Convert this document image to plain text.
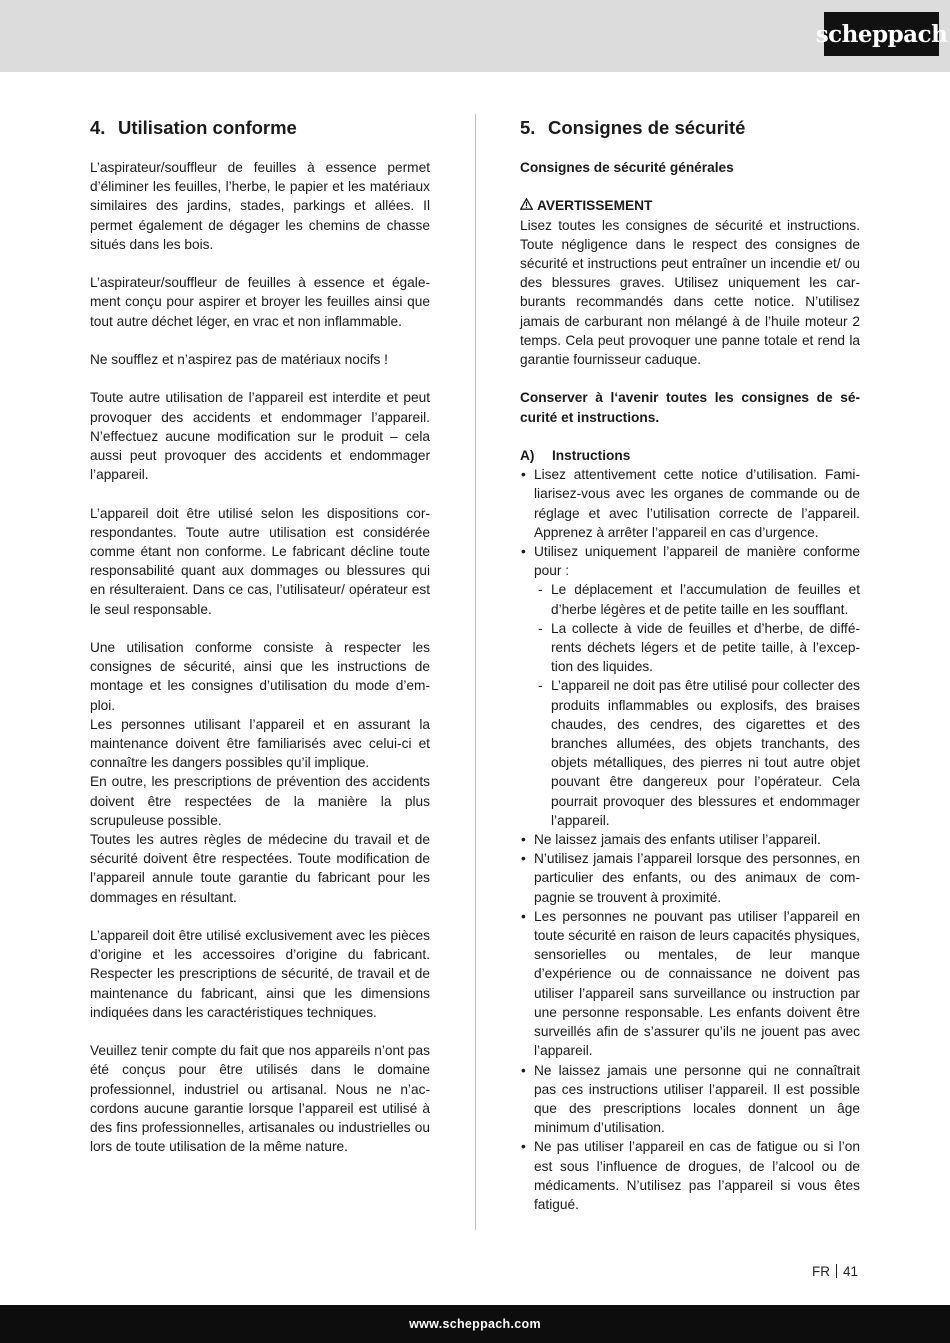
scheppach
4. Utilisation conforme

L’aspirateur/souffleur de feuilles à essence permet d’éliminer les feuilles, l’herbe, le papier et les matériaux similaires des jardins, stades, parkings et allées. Il permet également de dégager les chemins de chasse situés dans les bois.

L’aspirateur/souffleur de feuilles à essence et également conçu pour aspirer et broyer les feuilles ainsi que tout autre déchet léger, en vrac et non inflammable.

Ne soufflez et n’aspirez pas de matériaux nocifs !

Toute autre utilisation de l’appareil est interdite et peut provoquer des accidents et endommager l’appareil. N’effectuez aucune modification sur le produit – cela aussi peut provoquer des accidents et endommager l’appareil.

L’appareil doit être utilisé selon les dispositions correspondantes. Toute autre utilisation est considérée comme étant non conforme. Le fabricant décline toute responsabilité quant aux dommages ou blessures qui en résulteraient. Dans ce cas, l’utilisateur/ opérateur est le seul responsable.

Une utilisation conforme consiste à respecter les consignes de sécurité, ainsi que les instructions de montage et les consignes d’utilisation du mode d’emploi.

Les personnes utilisant l’appareil et en assurant la maintenance doivent être familiarisés avec celui-ci et connaître les dangers possibles qu’il implique.

En outre, les prescriptions de prévention des accidents doivent être respectées de la manière la plus scrupuleuse possible.

Toutes les autres règles de médecine du travail et de sécurité doivent être respectées. Toute modification de l’appareil annule toute garantie du fabricant pour les dommages en résultant.

L’appareil doit être utilisé exclusivement avec les pièces d’origine et les accessoires d’origine du fabricant. Respecter les prescriptions de sécurité, de travail et de maintenance du fabricant, ainsi que les dimensions indiquées dans les caractéristiques techniques.

Veuillez tenir compte du fait que nos appareils n’ont pas été conçus pour être utilisés dans le domaine professionnel, industriel ou artisanal. Nous ne n’accordons aucune garantie lorsque l’appareil est utilisé à des fins professionnelles, artisanales ou industrielles ou lors de toute utilisation de la même nature.

5. Consignes de sécurité

Consignes de sécurité générales

AVERTISSEMENT

Lisez toutes les consignes de sécurité et instructions. Toute négligence dans le respect des consignes de sécurité et instructions peut entraîner un incendie et/ ou des blessures graves. Utilisez uniquement les carburants recommandés dans cette notice. N’utilisez jamais de carburant non mélangé à de l’huile moteur 2 temps. Cela peut provoquer une panne totale et rend la garantie fournisseur caduque.

Conserver à l‘avenir toutes les consignes de sécurité et instructions.

A) Instructions

• Lisez attentivement cette notice d’utilisation. Familiarisez-vous avec les organes de commande ou de réglage et avec l’utilisation correcte de l’appareil. Apprenez à arrêter l’appareil en cas d’urgence.
• Utilisez uniquement l’appareil de manière conforme pour :
- Le déplacement et l’accumulation de feuilles et d’herbe légères et de petite taille en les soufflant.
- La collecte à vide de feuilles et d’herbe, de différents déchets légers et de petite taille, à l’exception des liquides.
- L’appareil ne doit pas être utilisé pour collecter des produits inflammables ou explosifs, des braises chaudes, des cendres, des cigarettes et des branches allumées, des objets tranchants, des objets métalliques, des pierres ni tout autre objet pouvant être dangereux pour l’opérateur. Cela pourrait provoquer des blessures et endommager l’appareil.
• Ne laissez jamais des enfants utiliser l’appareil.
• N’utilisez jamais l’appareil lorsque des personnes, en particulier des enfants, ou des animaux de compagnie se trouvent à proximité.
• Les personnes ne pouvant pas utiliser l’appareil en toute sécurité en raison de leurs capacités physiques, sensorielles ou mentales, de leur manque d’expérience ou de connaissance ne doivent pas utiliser l’appareil sans surveillance ou instruction par une personne responsable. Les enfants doivent être surveillés afin de s’assurer qu’ils ne jouent pas avec l’appareil.
• Ne laissez jamais une personne qui ne connaîtrait pas ces instructions utiliser l’appareil. Il est possible que des prescriptions locales donnent un âge minimum d’utilisation.
• Ne pas utiliser l’appareil en cas de fatigue ou si l’on est sous l’influence de drogues, de l’alcool ou de médicaments. N’utilisez pas l’appareil si vous êtes fatigué.
FR 41
www.scheppach.com
